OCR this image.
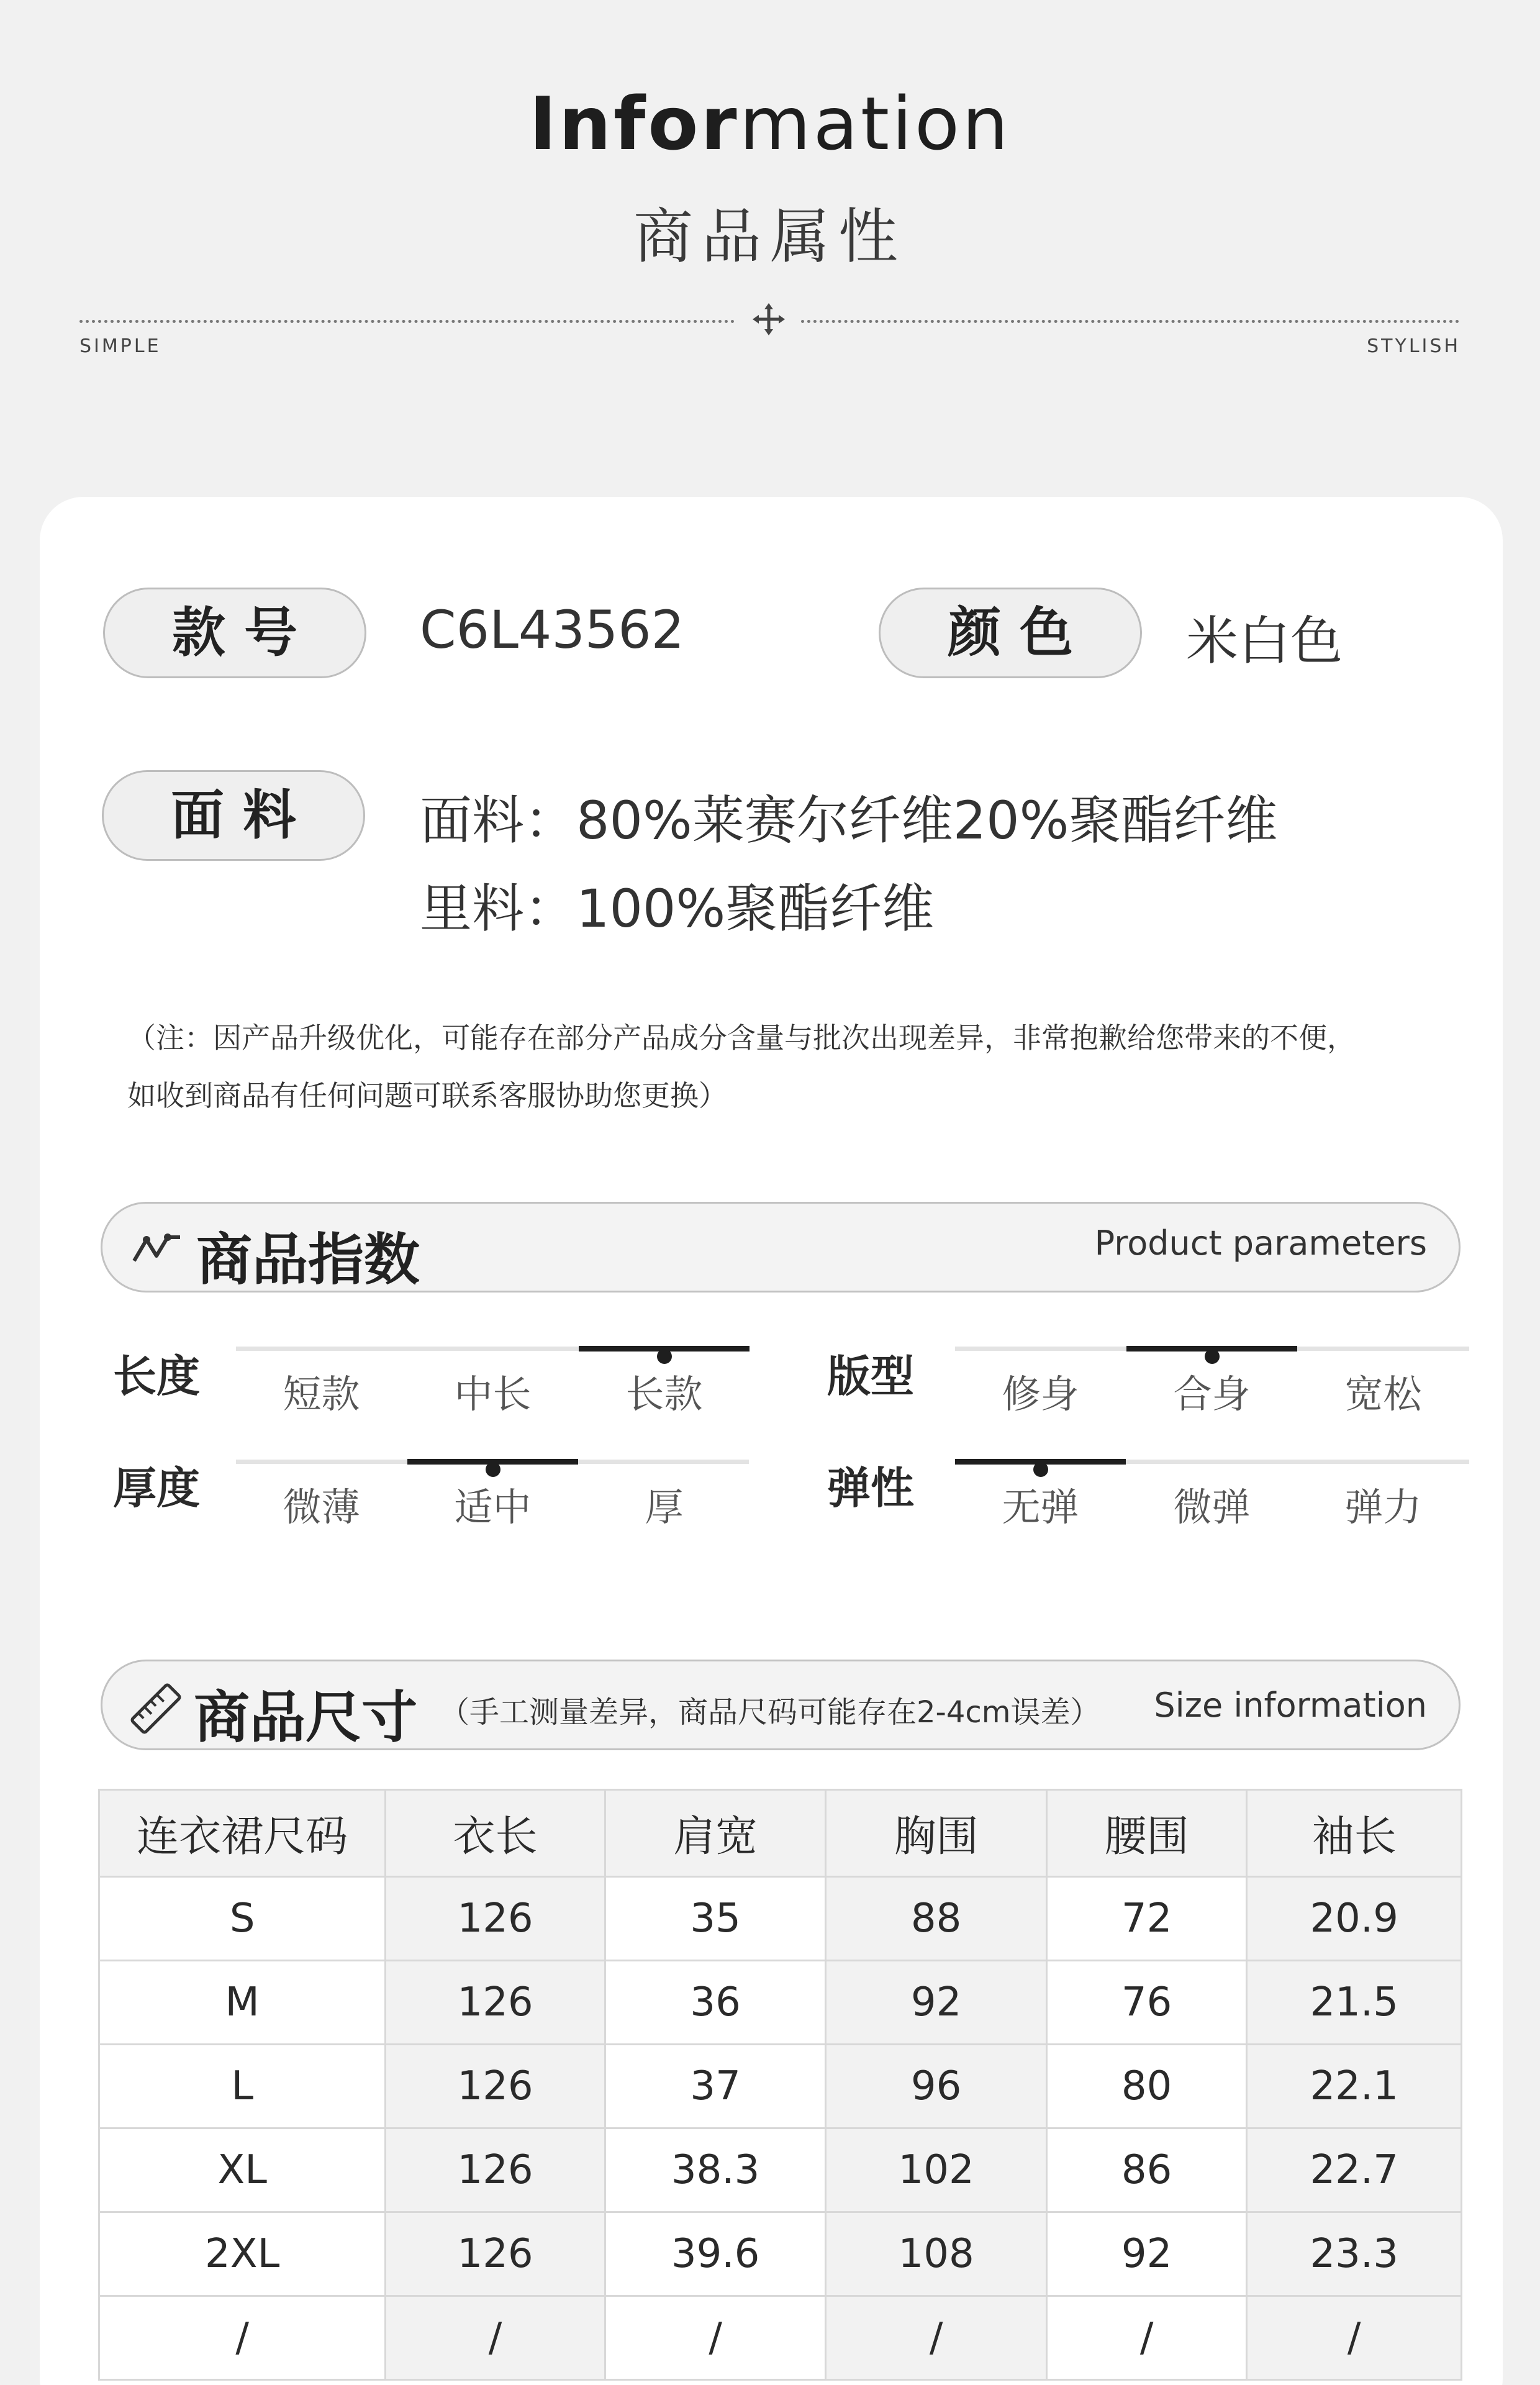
Information
商品属性
SIMPLE	STYLISH
款号	C6L43562	颜色	米白色
面料	面料：80%莱赛尔纤维20%聚酯纤维
里料：100%聚酯纤维
（注：因产品升级优化，可能存在部分产品成分含量与批次出现差异，非常抱歉给您带来的不便，
如收到商品有任何问题可联系客服协助您更换）
商品指数	Product parameters
长度	短款	中长	长款	版型	修身	合身	宽松
厚度	微薄	适中	厚	弹性	无弹	微弹	弹力
商品尺寸 （手工测量差异，商品尺码可能存在2-4cm误差） Size information
连衣裙尺码	衣长	肩宽	胸围	腰围	袖长
S	126	35	88	72	20.9
M	126	36	92	76	21.5
L	126	37	96	80	22.1
XL	126	38.3	102	86	22.7
2XL	126	39.6	108	92	23.3
/	/	/	/	/	/
